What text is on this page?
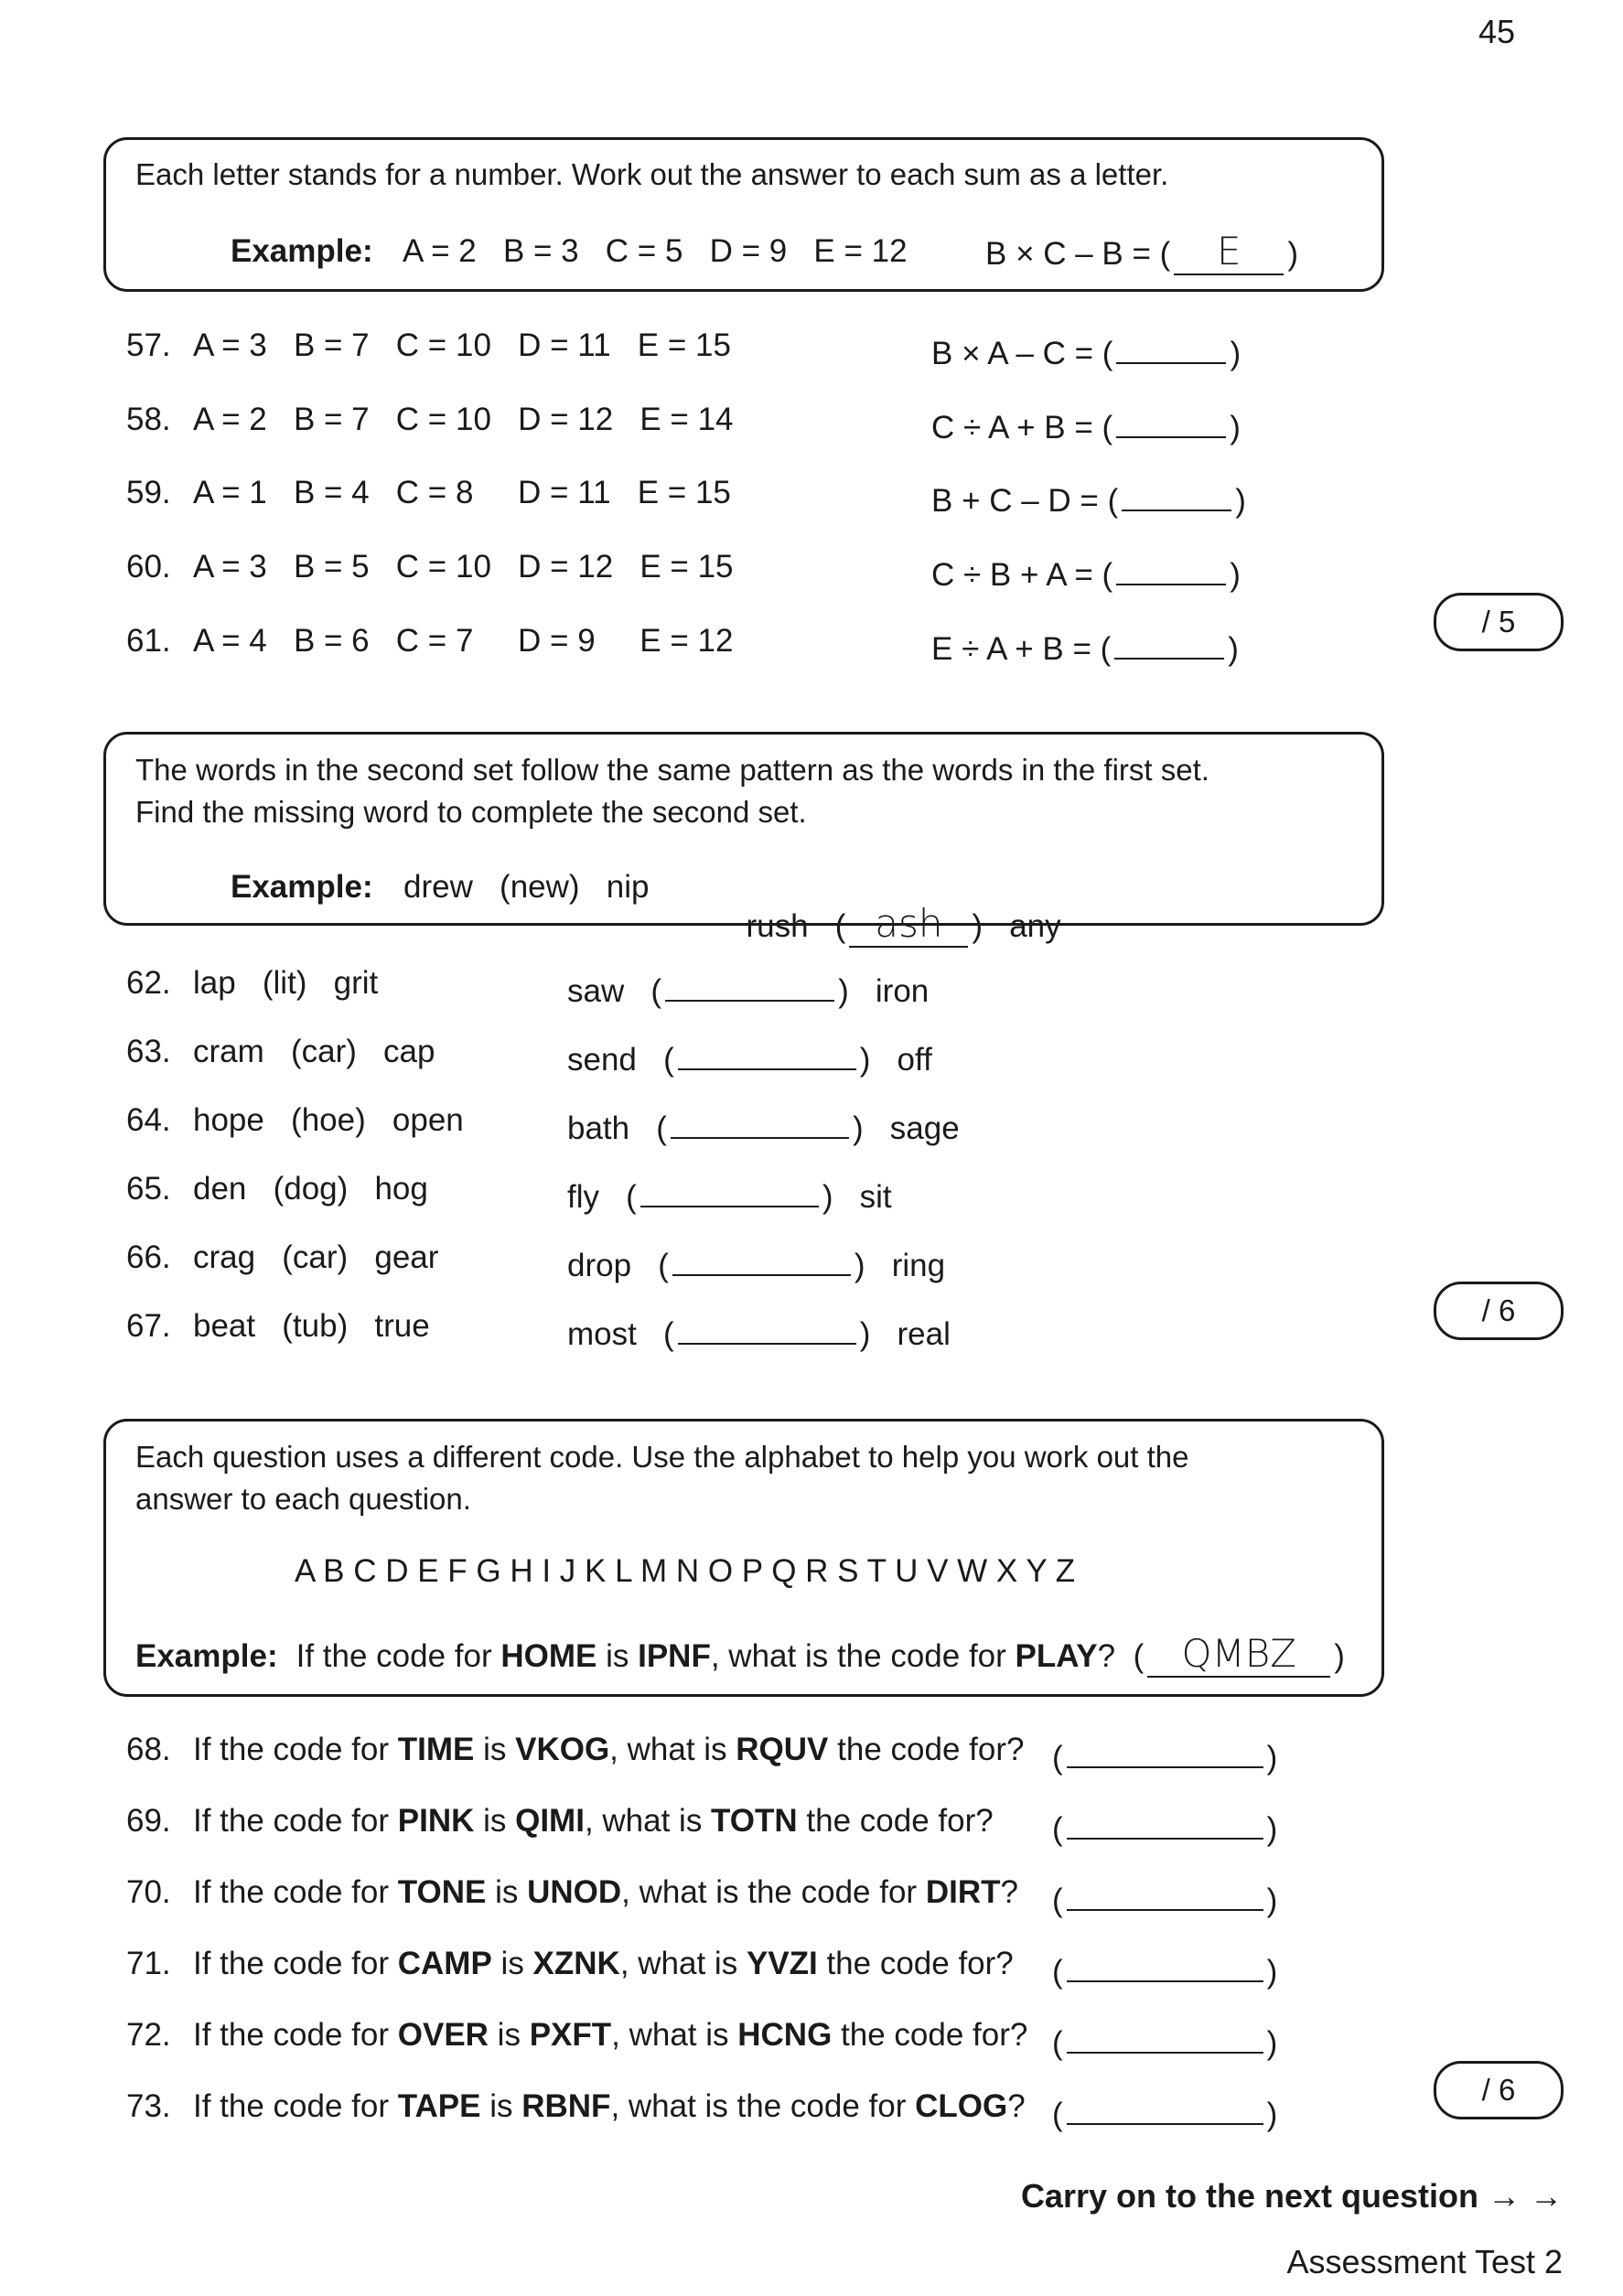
45
Each letter stands for a number. Work out the answer to each sum as a letter.
Example: A = 2   B = 3   C = 5   D = 9   E = 12 B × C – B = ( E )
57. A = 3   B = 7   C = 10   D = 11   E = 15	B × A – C = (	)
58. A = 2   B = 7   C = 10   D = 12   E = 14	C ÷ A + B = (	)
59. A = 1   B = 4   C = 8     D = 11   E = 15	B + C – D = (	)
60. A = 3   B = 5   C = 10   D = 12   E = 15	C ÷ B + A = (	)
61. A = 4   B = 6   C = 7     D = 9     E = 12	E ÷ A + B = (	)
/ 5
The words in the second set follow the same pattern as the words in the first set.
Find the missing word to complete the second set.
Example: drew   (new)   nip

rush   ( ash )   any

62. lap   (lit)   grit	saw   (	)   iron
63. cram   (car)   cap	send   (	)   off
64. hope   (hoe)   open	bath   (	)   sage
65. den   (dog)   hog	fly   (	)   sit
66. crag   (car)   gear	drop   (	)   ring
67. beat   (tub)   true	most   (	)   real
/ 6
Each question uses a different code. Use the alphabet to help you work out the
answer to each question.
A B C D E F G H I J K L M N O P Q R S T U V W X Y Z
Example: If the code for HOME is IPNF, what is the code for PLAY?  ( QMBZ )
68. If the code for TIME is VKOG, what is RQUV the code for? (	)
69. If the code for PINK is QIMI, what is TOTN the code for? (	)
70. If the code for TONE is UNOD, what is the code for DIRT? (	)
71. If the code for CAMP is XZNK, what is YVZI the code for? (	)
72. If the code for OVER is PXFT, what is HCNG the code for? (	)
73. If the code for TAPE is RBNF, what is the code for CLOG? (	)
/ 6
Carry on to the next question → →
Assessment Test 2
